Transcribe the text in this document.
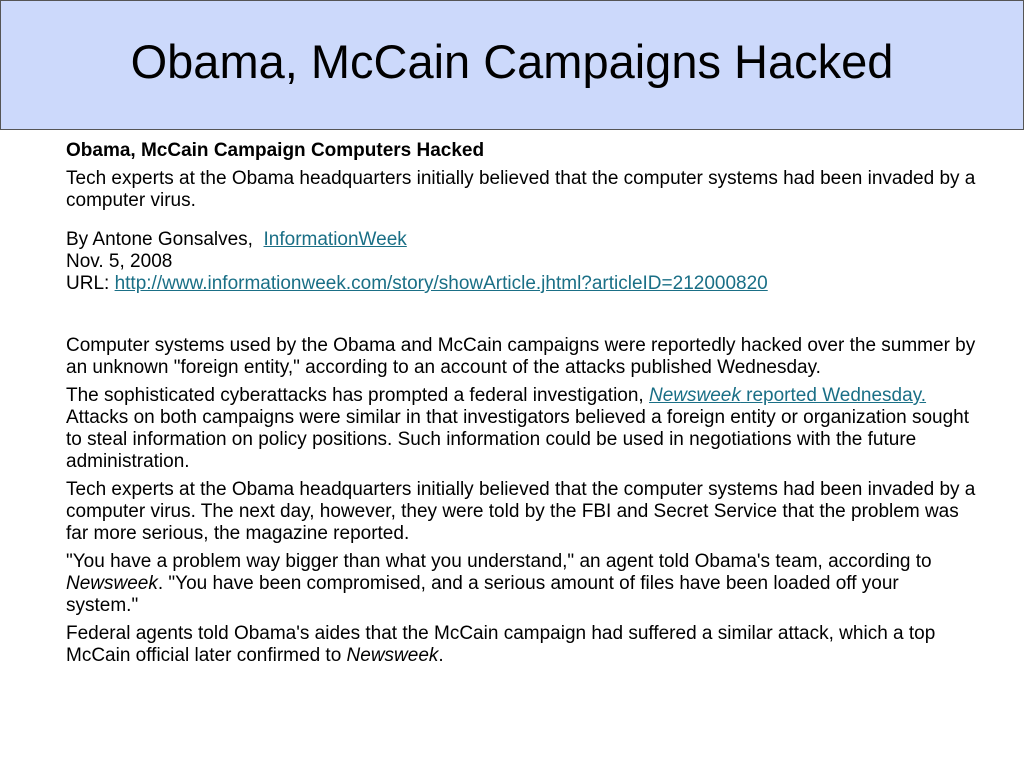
Obama, McCain Campaigns Hacked

Obama, McCain Campaign Computers Hacked

Tech experts at the Obama headquarters initially believed that the computer systems had been invaded by a computer virus.

By Antone Gonsalves, InformationWeek

Nov. 5, 2008

URL: http://www.informationweek.com/story/showArticle.jhtml?articleID=212000820

Computer systems used by the Obama and McCain campaigns were reportedly hacked over the summer by an unknown "foreign entity," according to an account of the attacks published Wednesday.

The sophisticated cyberattacks has prompted a federal investigation, Newsweek reported Wednesday. Attacks on both campaigns were similar in that investigators believed a foreign entity or organization sought to steal information on policy positions. Such information could be used in negotiations with the future administration.

Tech experts at the Obama headquarters initially believed that the computer systems had been invaded by a computer virus. The next day, however, they were told by the FBI and Secret Service that the problem was far more serious, the magazine reported.

"You have a problem way bigger than what you understand," an agent told Obama's team, according to Newsweek. "You have been compromised, and a serious amount of files have been loaded off your system."

Federal agents told Obama's aides that the McCain campaign had suffered a similar attack, which a top McCain official later confirmed to Newsweek.
